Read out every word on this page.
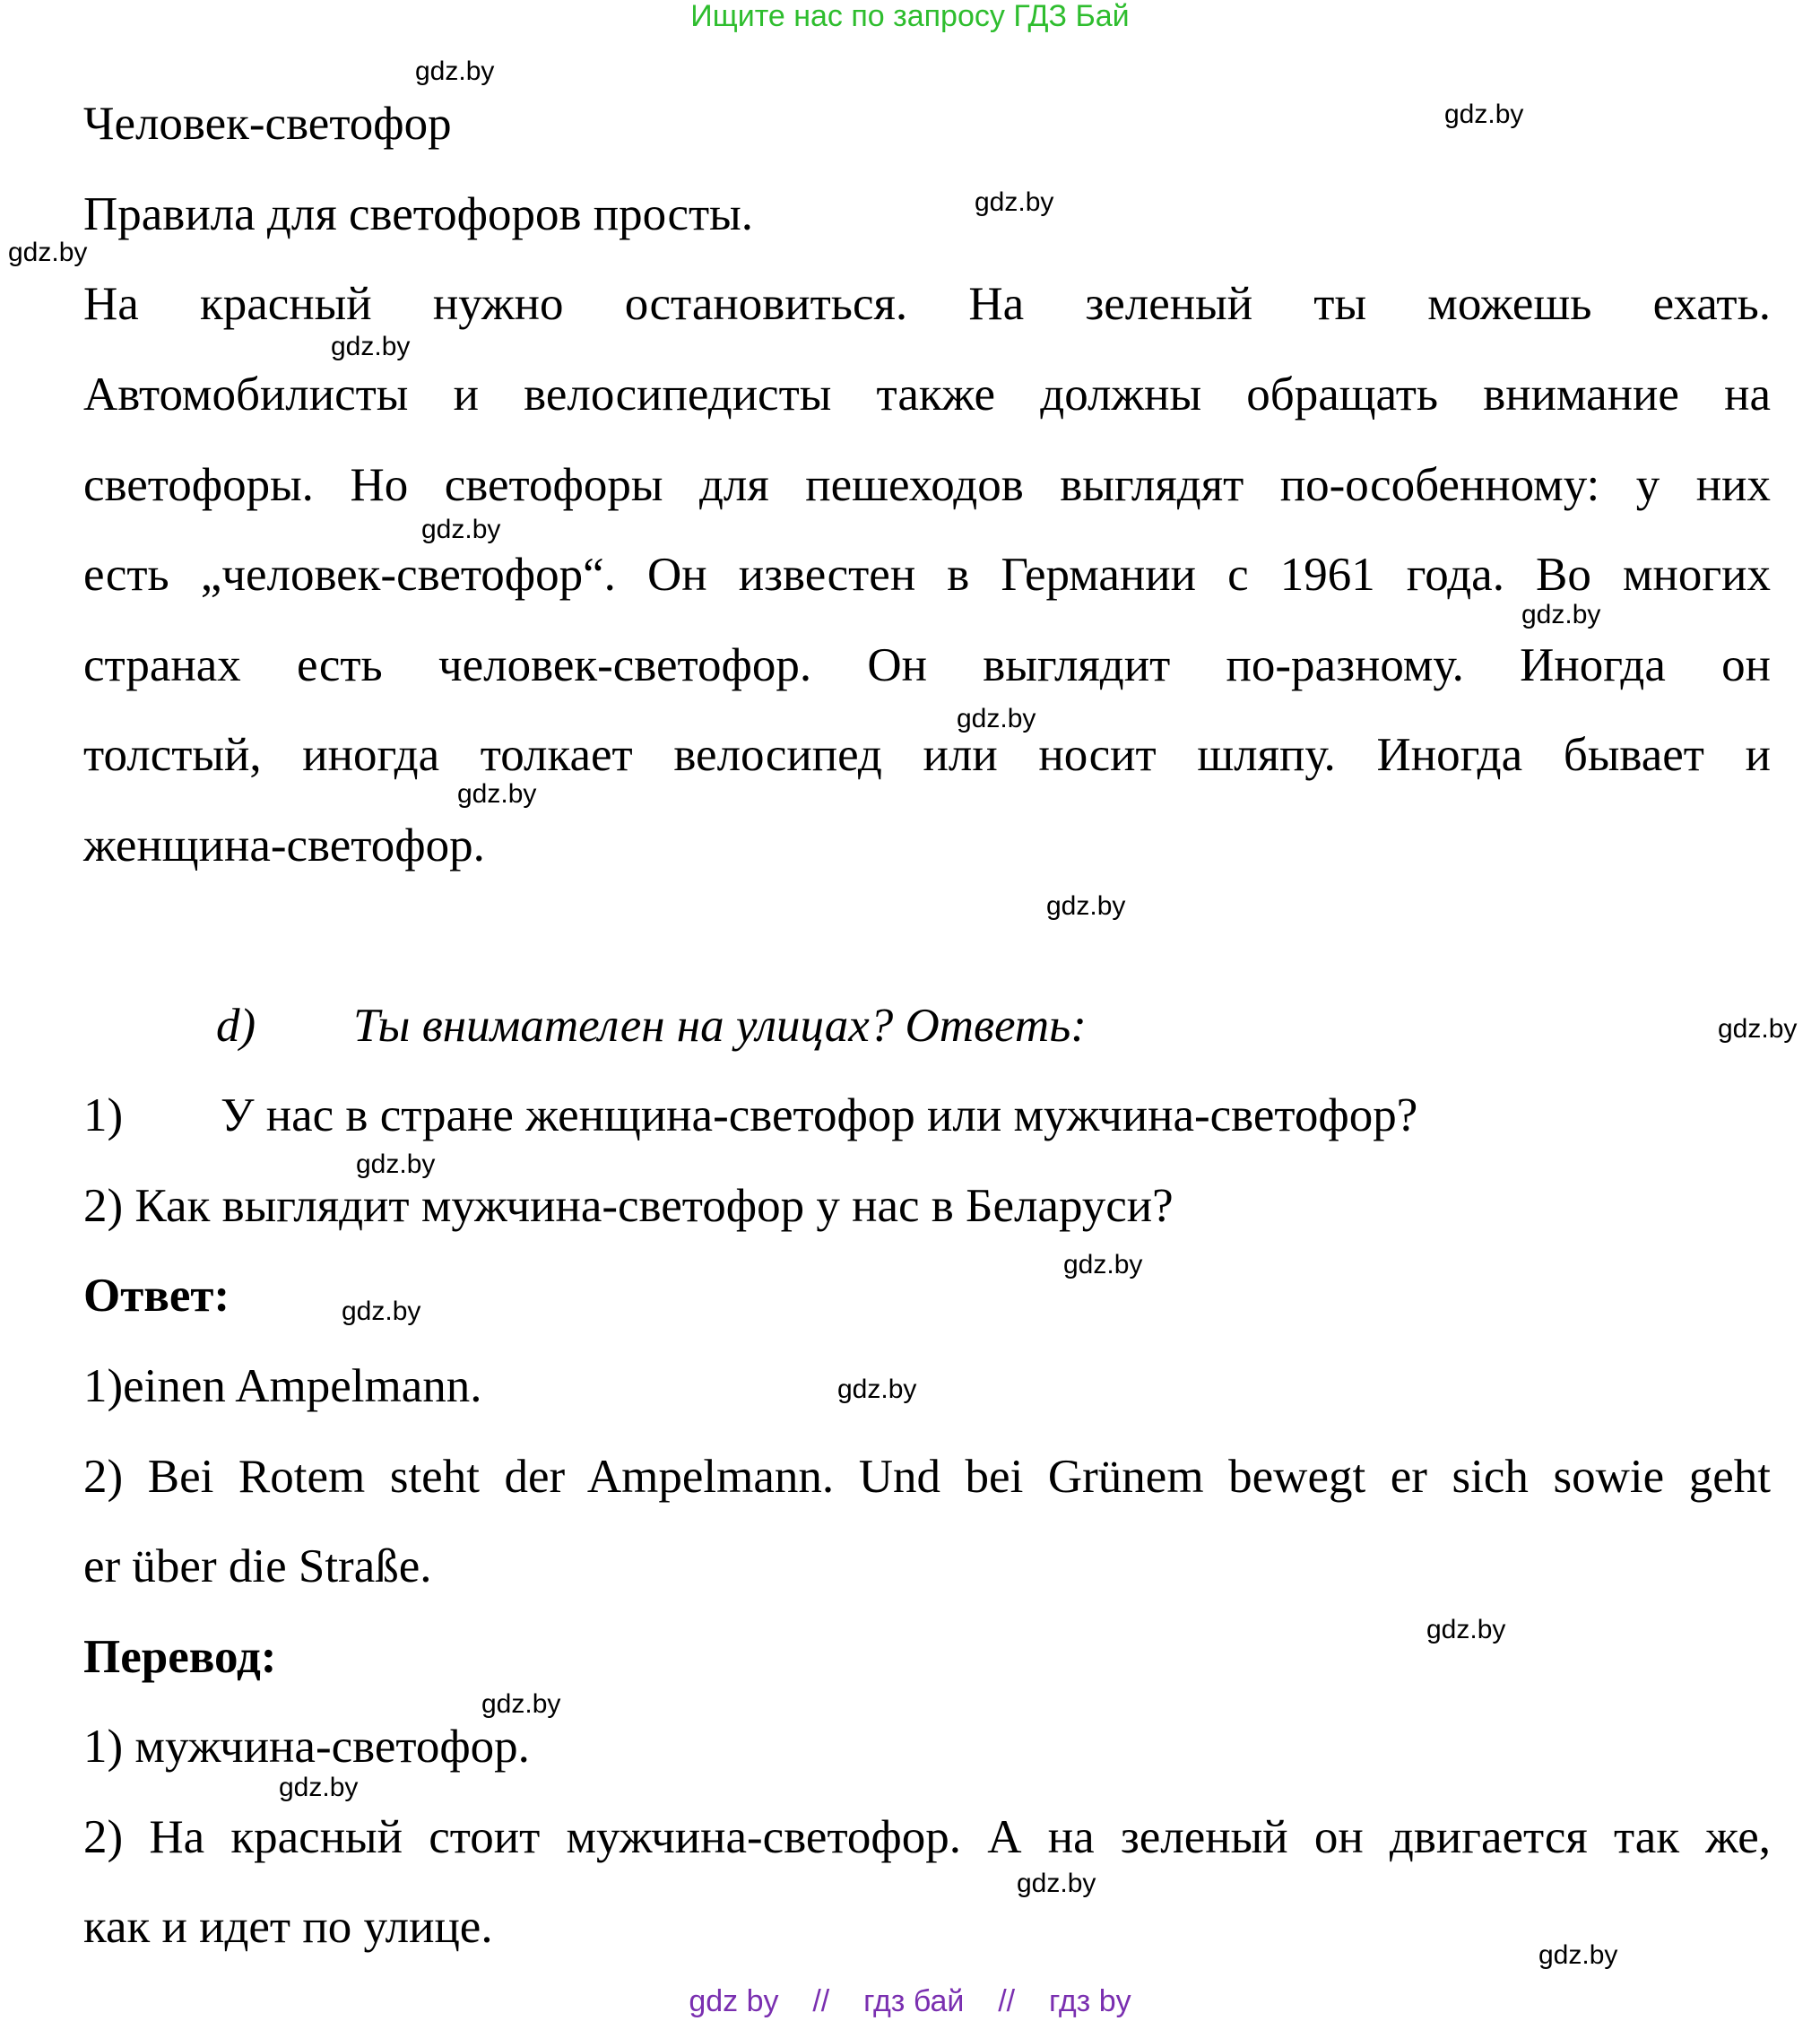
Ищите нас по запросу ГДЗ Бай
gdz.by
gdz.by
gdz.by
gdz.by
gdz.by
gdz.by
gdz.by
gdz.by
gdz.by
gdz.by
gdz.by
gdz.by
gdz.by
gdz.by
gdz.by
gdz.by
gdz.by
gdz.by
gdz.by
gdz.by
Человек-светофор
Правила для светофоров просты.
На красный нужно остановиться. На зеленый ты можешь ехать.
Автомобилисты и велосипедисты также должны обращать внимание на
светофоры. Но светофоры для пешеходов выглядят по-особенному: у них
есть „человек-светофор“. Он известен в Германии с 1961 года. Во многих
странах есть человек-светофор. Он выглядит по-разному. Иногда он
толстый, иногда толкает велосипед или носит шляпу. Иногда бывает и
женщина-светофор.
d) Ты внимателен на улицах? Ответь:
1) У нас в стране женщина-светофор или мужчина-светофор?
2) Как выглядит мужчина-светофор у нас в Беларуси?
Ответ:
1)einen Ampelmann.
2) Bei Rotem steht der Ampelmann. Und bei Grünem bewegt er sich sowie geht
er über die Straße.
Перевод:
1) мужчина-светофор.
2) На красный стоит мужчина-светофор. А на зеленый он двигается так же,
как и идет по улице.
gdz by // гдз бай // гдз by
